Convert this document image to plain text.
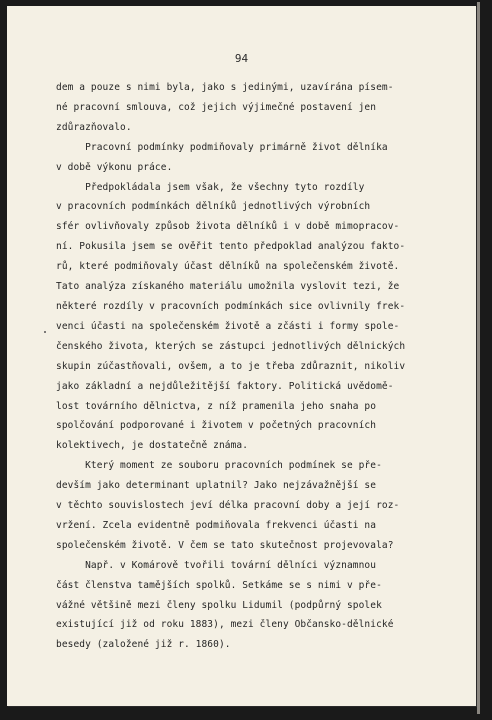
94
dem a pouze s nimi byla, jako s jedinými, uzavírána písem-
né pracovní smlouva, což jejich výjimečné postavení jen
zdůrazňovalo.
Pracovní podmínky podmiňovaly primárně život dělníka
v době výkonu práce.
Předpokládala jsem však, že všechny tyto rozdíly
v pracovních podmínkách dělníků jednotlivých výrobních
sfér ovlivňovaly způsob života dělníků i v době mimopracov-
ní. Pokusila jsem se ověřit tento předpoklad analýzou fakto-
rů, které podmiňovaly účast dělníků na společenském životě.
Tato analýza získaného materiálu umožnila vyslovit tezi, že
některé rozdíly v pracovních podmínkách sice ovlivnily frek-
venci účasti na společenském životě a zčásti i formy spole-
čenského života, kterých se zástupci jednotlivých dělnických
skupin zúčastňovali, ovšem, a to je třeba zdůraznit, nikoliv
jako základní a nejdůležitější faktory. Politická uvědomě-
lost továrního dělnictva, z níž pramenila jeho snaha po
spolčování podporované i životem v početných pracovních
kolektivech, je dostatečně známa.
Který moment ze souboru pracovních podmínek se pře-
devším jako determinant uplatnil? Jako nejzávažnější se
v těchto souvislostech jeví délka pracovní doby a její roz-
vržení. Zcela evidentně podmiňovala frekvenci účasti na
společenském životě. V čem se tato skutečnost projevovala?
Např. v Komárově tvořili tovární dělníci významnou
část členstva tamějších spolků. Setkáme se s nimi v pře-
vážné většině mezi členy spolku Lidumil (podpůrný spolek
existující již od roku 1883), mezi členy Občansko-dělnické
besedy (založené již r. 1860).
